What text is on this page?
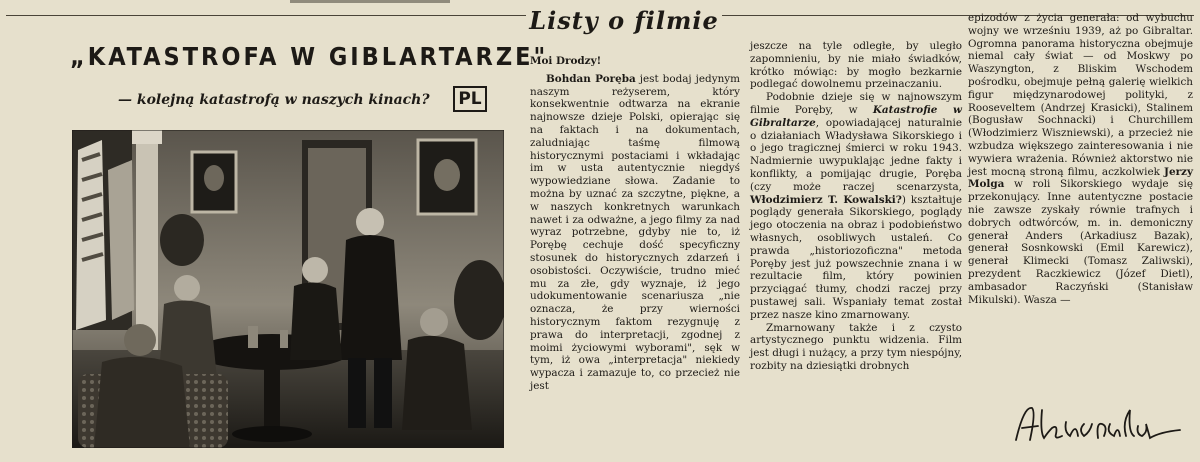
Listy o filmie
„KATASTROFA W GIBLARTARZE"
— kolejną katastrofą w naszych kinach?	PL

Moi Drodzy!

Bohdan Poręba jest bodaj jedynym naszym reżyserem, który konsekwentnie odtwarza na ekranie najnowsze dzieje Polski, opierając się na faktach i na dokumentach, zaludniając taśmę filmową historycznymi postaciami i wkładając im w usta autentycznie niegdyś wypowiedziane słowa. Zadanie to można by uznać za szczytne, piękne, a w naszych konkretnych warunkach nawet i za odważne, a jego filmy za nad wyraz potrzebne, gdyby nie to, iż Porębę cechuje dość specyficzny stosunek do historycznych zdarzeń i osobistości. Oczywiście, trudno mieć mu za złe, gdy wyznaje, iż jego udokumentowanie scenariusza „nie oznacza, że przy wierności historycznym faktom rezygnuję z prawa do interpretacji, zgodnej z moimi życiowymi wyborami", sęk w tym, iż owa „interpretacja" niekiedy wypacza i zamazuje to, co przecież nie jest

jeszcze na tyle odległe, by uległo zapomnieniu, by nie miało świadków, krótko mówiąc: by mogło bezkarnie podlegać dowolnemu przeinaczaniu.

Podobnie dzieje się w najnowszym filmie Poręby, w Katastrofie w Gibraltarze, opowiadającej naturalnie o działaniach Władysława Sikorskiego i o jego tragicznej śmierci w roku 1943. Nadmiernie uwypuklając jedne fakty i konflikty, a pomijając drugie, Poręba (czy może raczej scenarzysta, Włodzimierz T. Kowalski?) kształtuje poglądy generała Sikorskiego, poglądy jego otoczenia na obraz i podobieństwo własnych, osobliwych ustaleń. Co prawda „historiozoficzna" metoda Poręby jest już powszechnie znana i w rezultacie film, który powinien przyciągać tłumy, chodzi raczej przy pustawej sali. Wspaniały temat został przez nasze kino zmarnowany.

Zmarnowany także i z czysto artystycznego punktu widzenia. Film jest długi i nużący, a przy tym niespójny, rozbity na dziesiątki drobnych

epizodów z życia generała: od wybuchu wojny we wrześniu 1939, aż po Gibraltar. Ogromna panorama historyczna obejmuje niemal cały świat — od Moskwy po Waszyngton, z Bliskim Wschodem pośrodku, obejmuje pełną galerię wielkich figur międzynarodowej polityki, z Rooseveltem (Andrzej Krasicki), Stalinem (Bogusław Sochnacki) i Churchillem (Włodzimierz Wiszniewski), a przecież nie wzbudza większego zainteresowania i nie wywiera wrażenia. Również aktorstwo nie jest mocną stroną filmu, aczkolwiek Jerzy Molga w roli Sikorskiego wydaje się przekonujący. Inne autentyczne postacie nie zawsze zyskały równie trafnych i dobrych odtwórców, m. in. demoniczny generał Anders (Arkadiusz Bazak), generał Sosnkowski (Emil Karewicz), generał Klimecki (Tomasz Zaliwski), prezydent Raczkiewicz (Józef Dietl), ambasador Raczyński (Stanisław Mikulski). Wasza —
